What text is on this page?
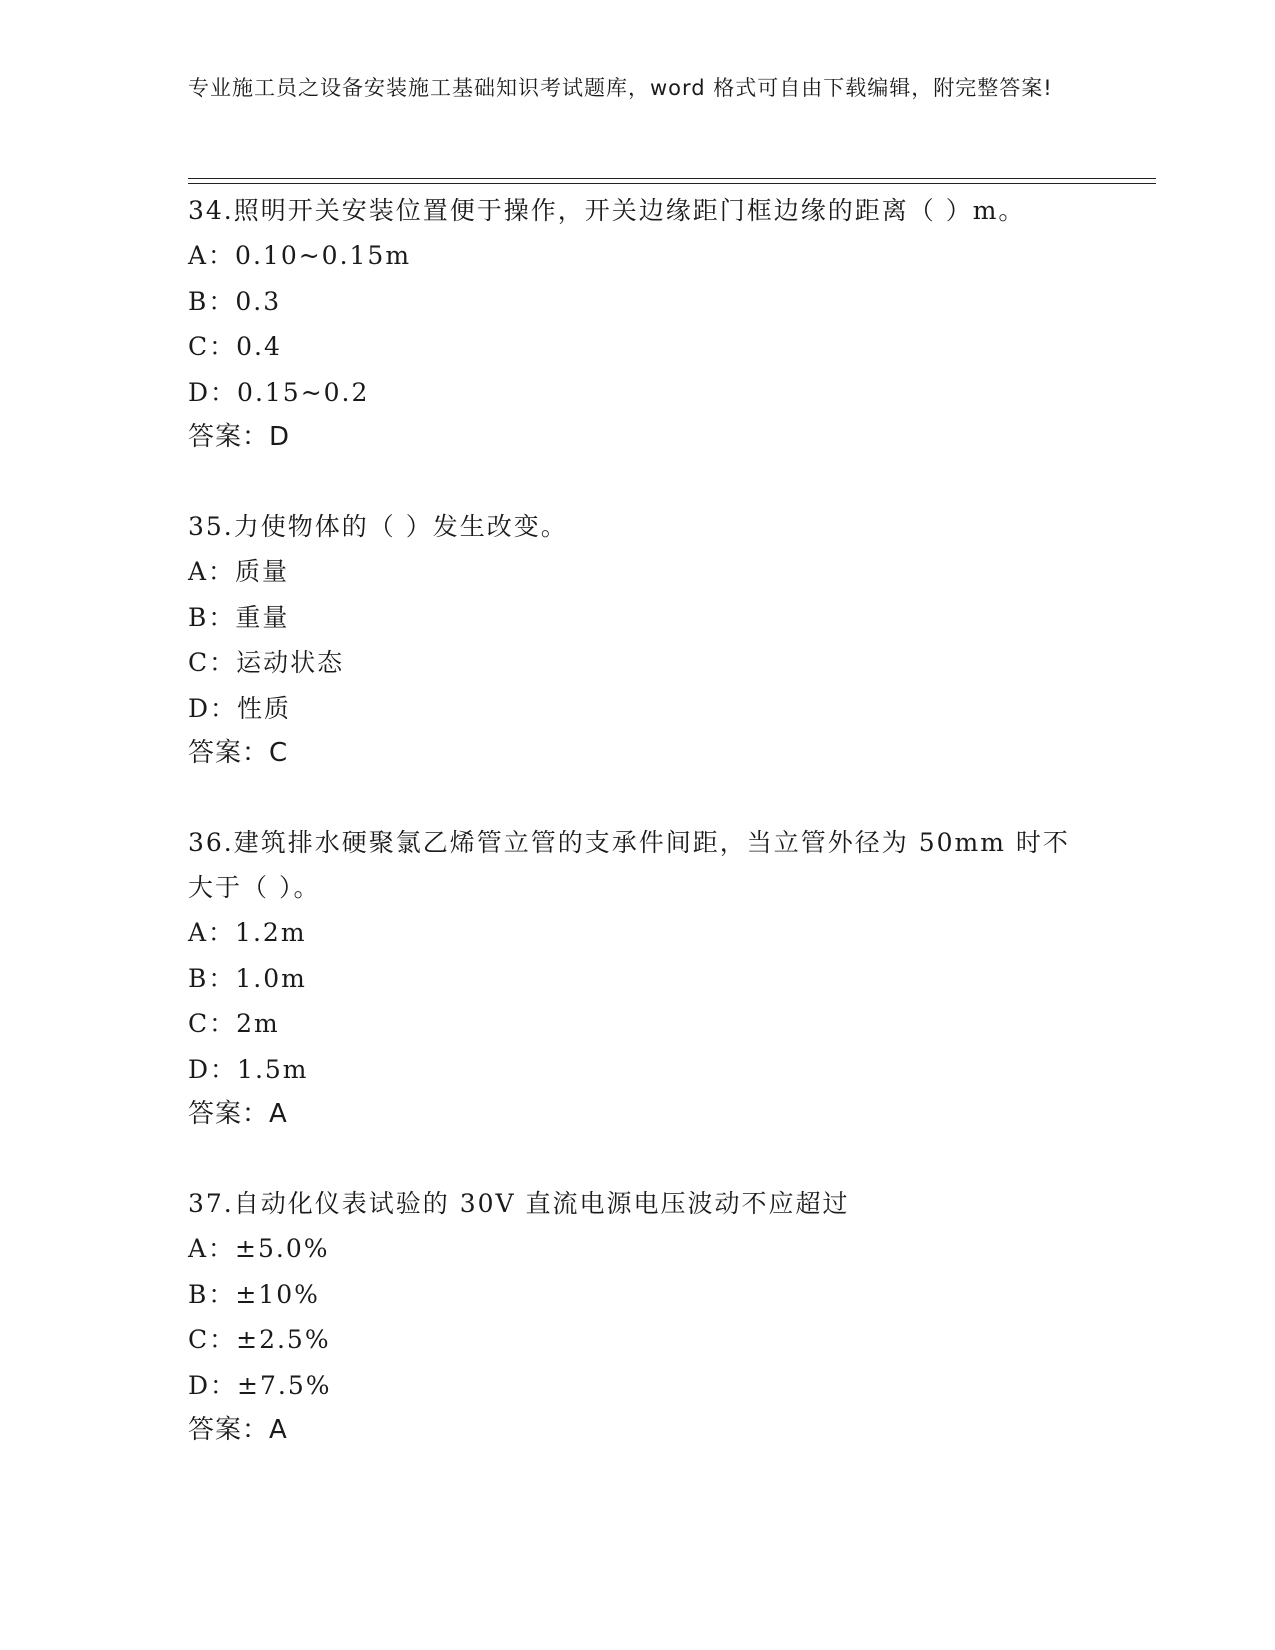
专业施工员之设备安装施工基础知识考试题库，word 格式可自由下载编辑，附完整答案!
34.照明开关安装位置便于操作，开关边缘距门框边缘的距离（ ）m。
A：0.10~0.15m
B：0.3
C：0.4
D：0.15~0.2
答案：D
35.力使物体的（ ）发生改变。
A：质量
B：重量
C：运动状态
D：性质
答案：C
36.建筑排水硬聚氯乙烯管立管的支承件间距，当立管外径为 50mm 时不大于（ ）。
A：1.2m
B：1.0m
C：2m
D：1.5m
答案：A
37.自动化仪表试验的 30V 直流电源电压波动不应超过
A：±5.0%
B：±10%
C：±2.5%
D：±7.5%
答案：A
